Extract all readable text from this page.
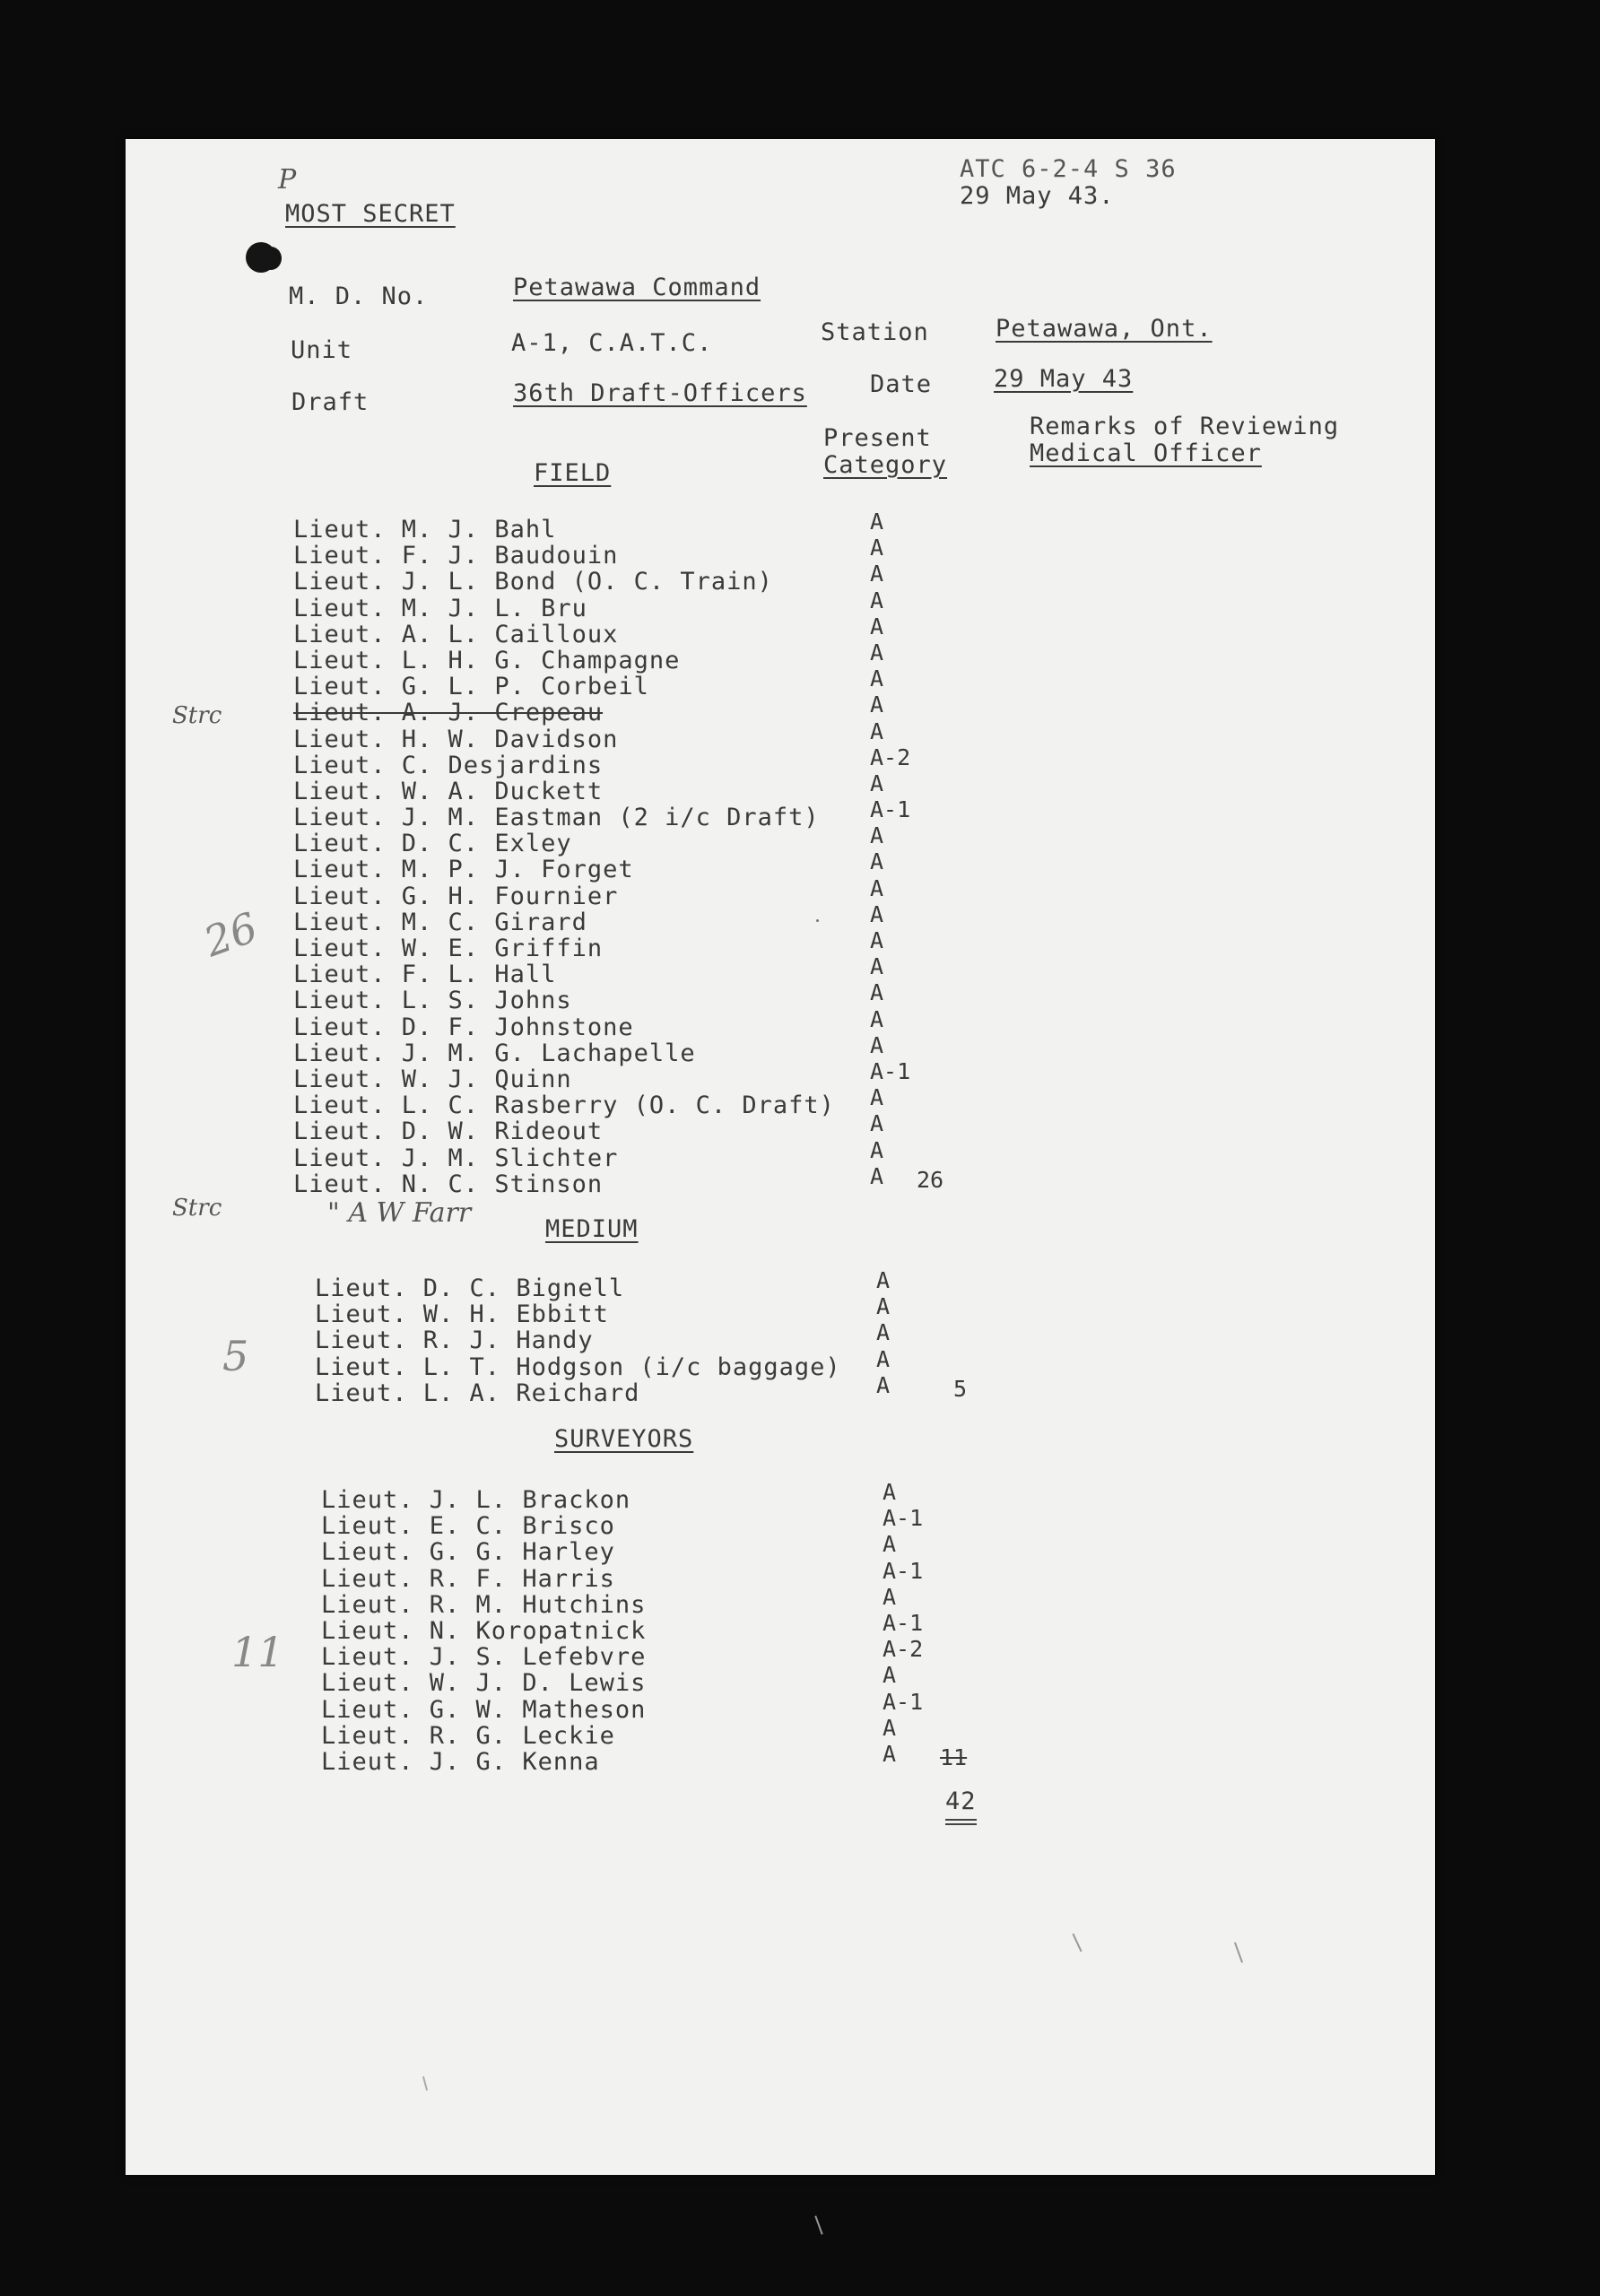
P
MOST SECRET
ATC 6-2-4 S 36
29 May 43.
M. D. No.	Petawawa Command
Unit	A-1, C.A.T.C.	Station	Petawawa, Ont.
Draft	36th Draft-Officers	Date	29 May 43
Present
Category
Remarks of Reviewing
Medical Officer
FIELD
Lieut. M. J. Bahl	A
Lieut. F. J. Baudouin	A
Lieut. J. L. Bond (O. C. Train)	A
Lieut. M. J. L. Bru	A
Lieut. A. L. Cailloux	A
Lieut. L. H. G. Champagne	A
Lieut. G. L. P. Corbeil	A
Lieut. A. J. Crepeau	A
Lieut. H. W. Davidson	A
Lieut. C. Desjardins	A-2
Lieut. W. A. Duckett	A
Lieut. J. M. Eastman (2 i/c Draft) A-1
Lieut. D. C. Exley	A
Lieut. M. P. J. Forget	A
Lieut. G. H. Fournier	A
Lieut. M. C. Girard	A
Lieut. W. E. Griffin	A
Lieut. F. L. Hall	A
Lieut. L. S. Johns	A
Lieut. D. F. Johnstone	A
Lieut. J. M. G. Lachapelle	A
Lieut. W. J. Quinn	A-1
Lieut. L. C. Rasberry (O. C. Draft) A
Lieut. D. W. Rideout	A
Lieut. J. M. Slichter	A
Lieut. N. C. Stinson	A 26
Strc
Strc	" A W Farr
26
MEDIUM
Lieut. D. C. Bignell	A
Lieut. W. H. Ebbitt	A
Lieut. R. J. Handy	A
Lieut. L. T. Hodgson (i/c baggage) A
Lieut. L. A. Reichard	A	5
5
SURVEYORS
Lieut. J. L. Brackon	A
Lieut. E. C. Brisco	A-1
Lieut. G. G. Harley	A
Lieut. R. F. Harris	A-1
Lieut. R. M. Hutchins	A
Lieut. N. Koropatnick	A-1
Lieut. J. S. Lefebvre	A-2
Lieut. W. J. D. Lewis	A
Lieut. G. W. Matheson	A-1
Lieut. R. G. Leckie	A
Lieut. J. G. Kenna	A 11
42
11
